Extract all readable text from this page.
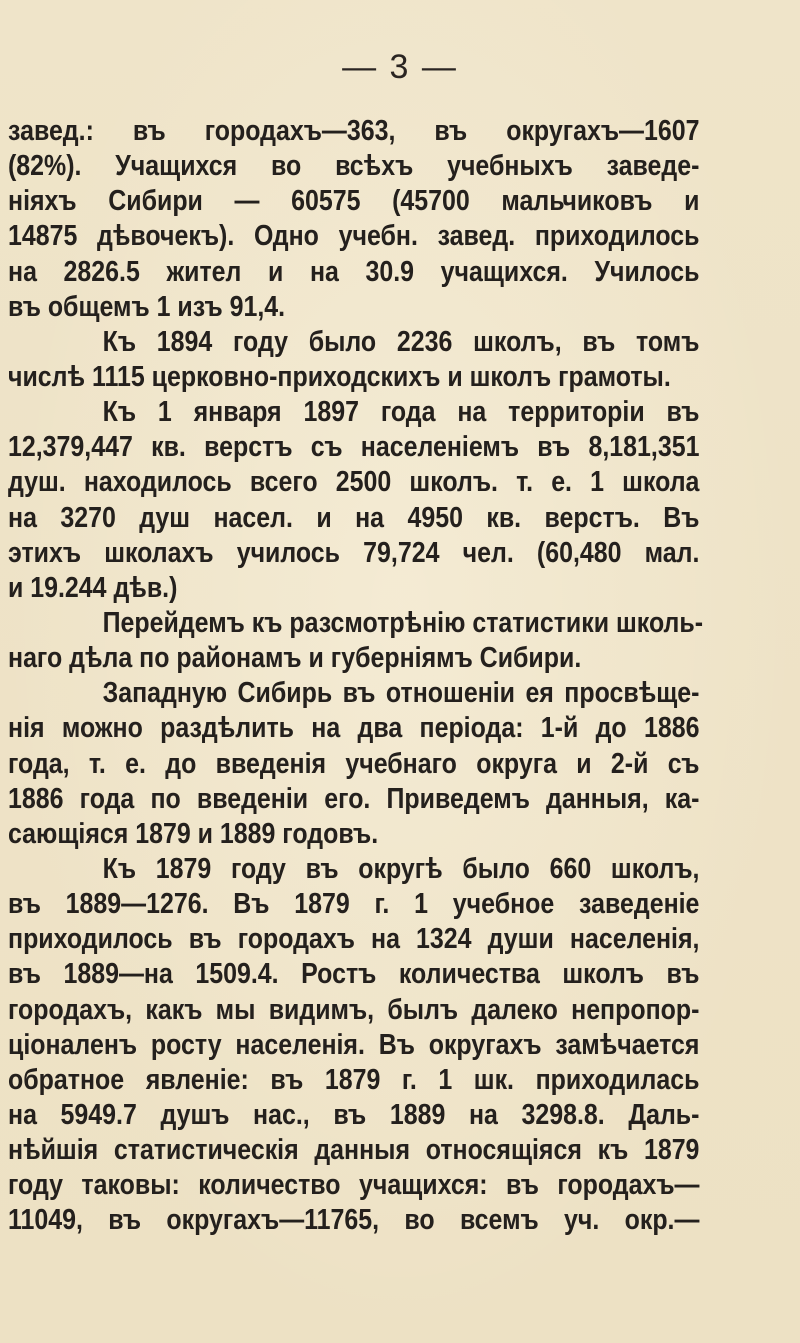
— 3 —
завед.: въ городахъ—363, въ округахъ—1607
(82%). Учащихся во всѣхъ учебныхъ заведе-
ніяхъ Сибири — 60575 (45700 мальчиковъ и
14875 дѣвочекъ). Одно учебн. завед. приходилось
на 2826.5 жител и на 30.9 учащихся. Училось
въ общемъ 1 изъ 91,4.
Къ 1894 году было 2236 школъ, въ томъ
числѣ 1115 церковно-приходскихъ и школъ грамоты.
Къ 1 января 1897 года на территоріи въ
12,379,447 кв. верстъ съ населеніемъ въ 8,181,351
душ. находилось всего 2500 школъ. т. е. 1 школа
на 3270 душ насел. и на 4950 кв. верстъ. Въ
этихъ школахъ училось 79,724 чел. (60,480 мал.
и 19.244 дѣв.)
Перейдемъ къ разсмотрѣнію статистики школь-
наго дѣла по районамъ и губерніямъ Сибири.
Западную Сибирь въ отношеніи ея просвѣще-
нія можно раздѣлить на два періода: 1-й до 1886
года, т. е. до введенія учебнаго округа и 2-й съ
1886 года по введеніи его. Приведемъ данныя, ка-
сающіяся 1879 и 1889 годовъ.
Къ 1879 году въ округѣ было 660 школъ,
въ 1889—1276. Въ 1879 г. 1 учебное заведеніе
приходилось въ городахъ на 1324 души населенія,
въ 1889—на 1509.4. Ростъ количества школъ въ
городахъ, какъ мы видимъ, былъ далеко непропор-
ціоналенъ росту населенія. Въ округахъ замѣчается
обратное явленіе: въ 1879 г. 1 шк. приходилась
на 5949.7 душъ нас., въ 1889 на 3298.8. Даль-
нѣйшія статистическія данныя относящіяся къ 1879
году таковы: количество учащихся: въ городахъ—
11049, въ округахъ—11765, во всемъ уч. окр.—
